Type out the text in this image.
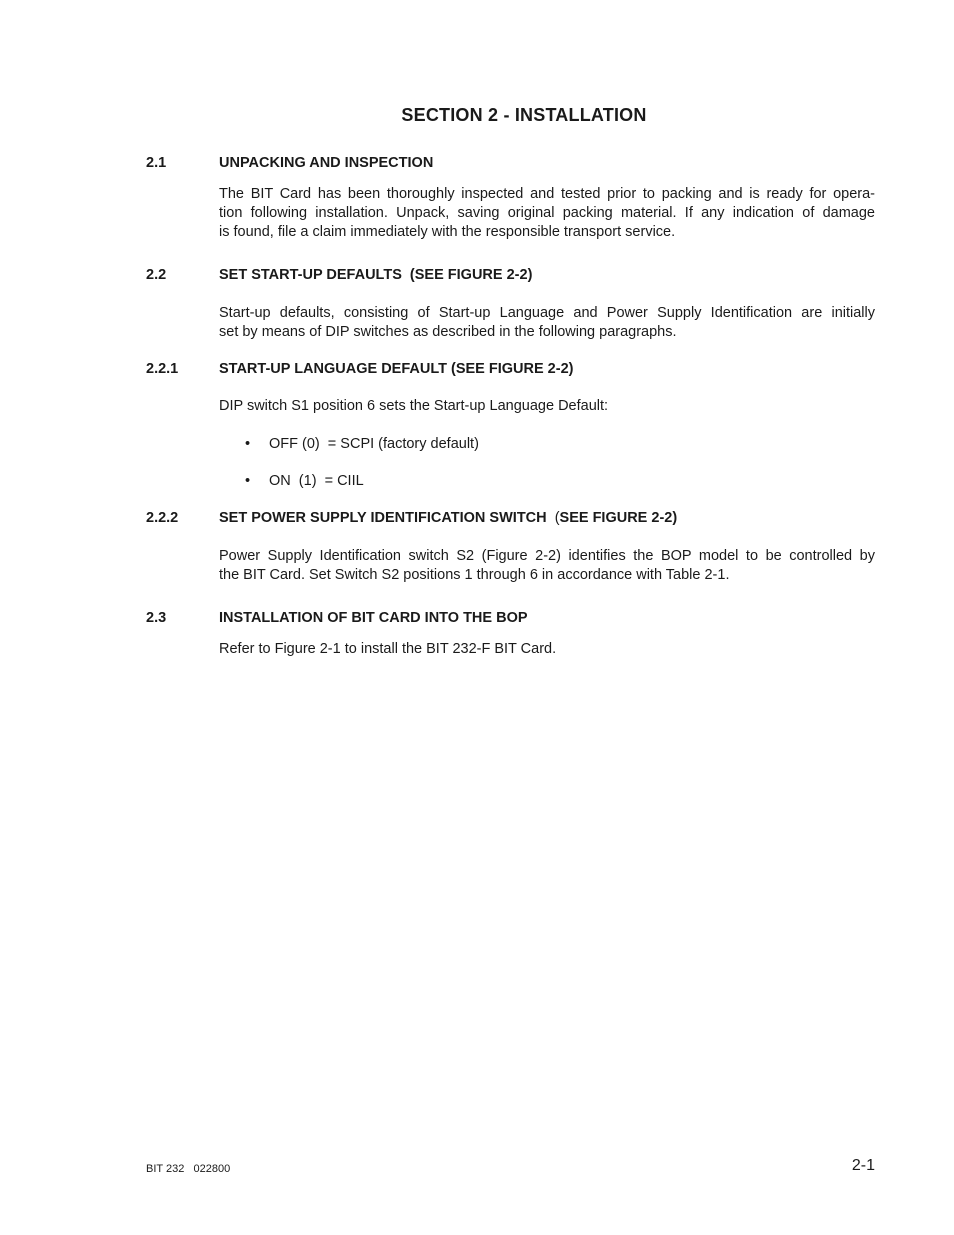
SECTION 2 - INSTALLATION
2.1	UNPACKING AND INSPECTION
The BIT Card has been thoroughly inspected and tested prior to packing and is ready for opera-
tion following installation. Unpack, saving original packing material. If any indication of damage
is found, file a claim immediately with the responsible transport service.
2.2	SET START-UP DEFAULTS  (SEE FIGURE 2-2)
Start-up defaults, consisting of Start-up Language and Power Supply Identification are initially
set by means of DIP switches as described in the following paragraphs.
2.2.1	START-UP LANGUAGE DEFAULT (SEE FIGURE 2-2)
DIP switch S1 position 6 sets the Start-up Language Default:
• OFF (0)  = SCPI (factory default)
• ON  (1)  = CIIL
2.2.2	SET POWER SUPPLY IDENTIFICATION SWITCH  (SEE FIGURE 2-2)
Power Supply Identification switch S2 (Figure 2-2) identifies the BOP model to be controlled by
the BIT Card. Set Switch S2 positions 1 through 6 in accordance with Table 2-1.
2.3	INSTALLATION OF BIT CARD INTO THE BOP
Refer to Figure 2-1 to install the BIT 232-F BIT Card.
BIT 232   022800	2-1
